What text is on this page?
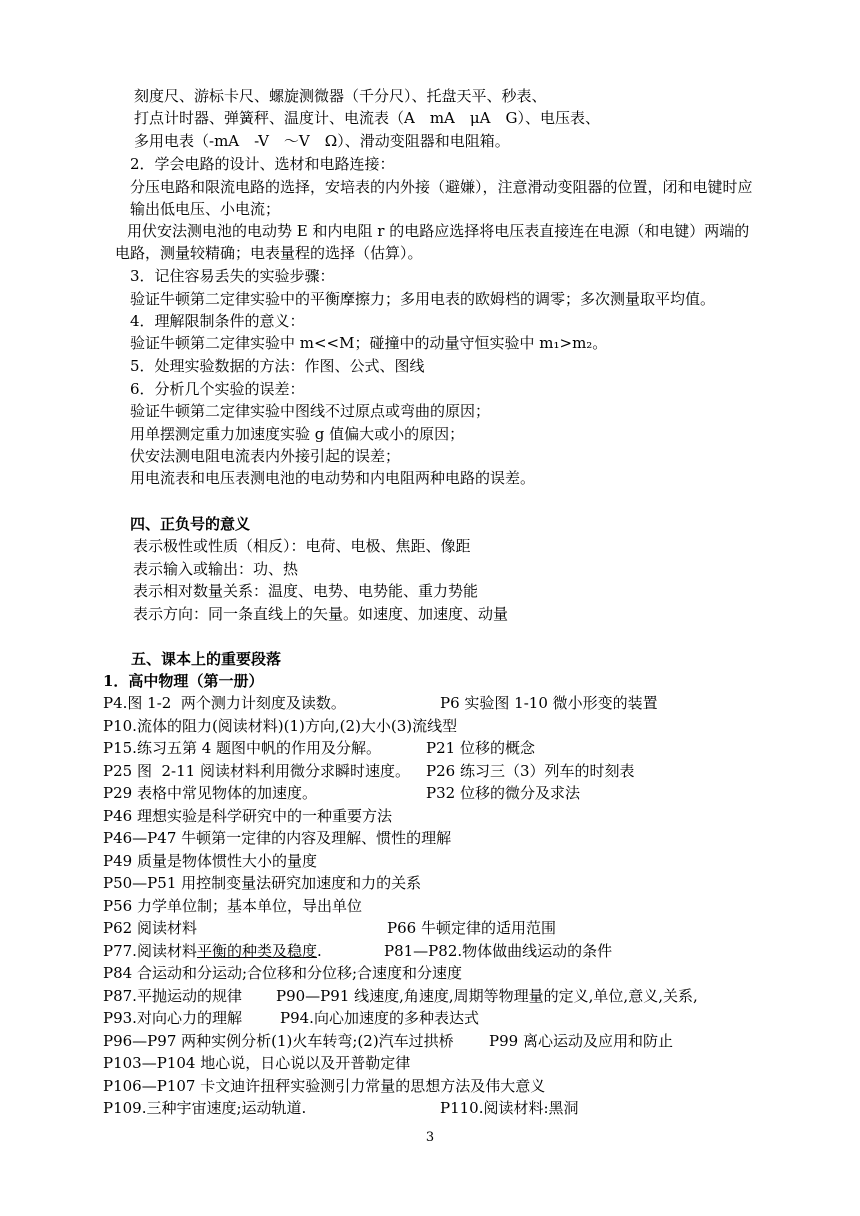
刻度尺、游标卡尺、螺旋测微器（千分尺）、托盘天平、秒表、
打点计时器、弹簧秤、温度计、电流表（A　mA　μA　G）、电压表、
多用电表（-mA　-V　～V　Ω）、滑动变阻器和电阻箱。
2．学会电路的设计、选材和电路连接：
分压电路和限流电路的选择，安培表的内外接（避嫌），注意滑动变阻器的位置，闭和电键时应
输出低电压、小电流；
用伏安法测电池的电动势 E 和内电阻 r 的电路应选择将电压表直接连在电源（和电键）两端的
电路，测量较精确；电表量程的选择（估算）。
3．记住容易丢失的实验步骤：
验证牛顿第二定律实验中的平衡摩擦力；多用电表的欧姆档的调零；多次测量取平均值。
4．理解限制条件的意义：
验证牛顿第二定律实验中 m<<M；碰撞中的动量守恒实验中 m₁>m₂。
5．处理实验数据的方法：作图、公式、图线
6．分析几个实验的误差：
验证牛顿第二定律实验中图线不过原点或弯曲的原因；
用单摆测定重力加速度实验 g 值偏大或小的原因；
伏安法测电阻电流表内外接引起的误差；
用电流表和电压表测电池的电动势和内电阻两种电路的误差。
四、正负号的意义
表示极性或性质（相反）：电荷、电极、焦距、像距
表示输入或输出：功、热
表示相对数量关系：温度、电势、电势能、重力势能
表示方向：同一条直线上的矢量。如速度、加速度、动量
五、课本上的重要段落
1．高中物理（第一册）
P4.图 1-2  两个测力计刻度及读数。	P6 实验图 1-10 微小形变的装置
P10.流体的阻力(阅读材料)(1)方向,(2)大小(3)流线型
P15.练习五第 4 题图中帆的作用及分解。	P21 位移的概念
P25 图  2-11 阅读材料利用微分求瞬时速度。 P26 练习三（3）列车的时刻表
P29 表格中常见物体的加速度。	P32 位移的微分及求法
P46 理想实验是科学研究中的一种重要方法
P46—P47 牛顿第一定律的内容及理解、惯性的理解
P49 质量是物体惯性大小的量度
P50—P51 用控制变量法研究加速度和力的关系
P56 力学单位制；基本单位，导出单位
P62 阅读材料	P66 牛顿定律的适用范围
P77.阅读材料平衡的种类及稳度.	P81—P82.物体做曲线运动的条件
P84 合运动和分运动;合位移和分位移;合速度和分速度
P87.平抛运动的规律 P90—P91 线速度,角速度,周期等物理量的定义,单位,意义,关系,
P93.对向心力的理解	P94.向心加速度的多种表达式
P96—P97 两种实例分析(1)火车转弯;(2)汽车过拱桥 P99 离心运动及应用和防止
P103—P104 地心说，日心说以及开普勒定律
P106—P107 卡文迪许扭秤实验测引力常量的思想方法及伟大意义
P109.三种宇宙速度;运动轨道.	P110.阅读材料:黑洞
3
